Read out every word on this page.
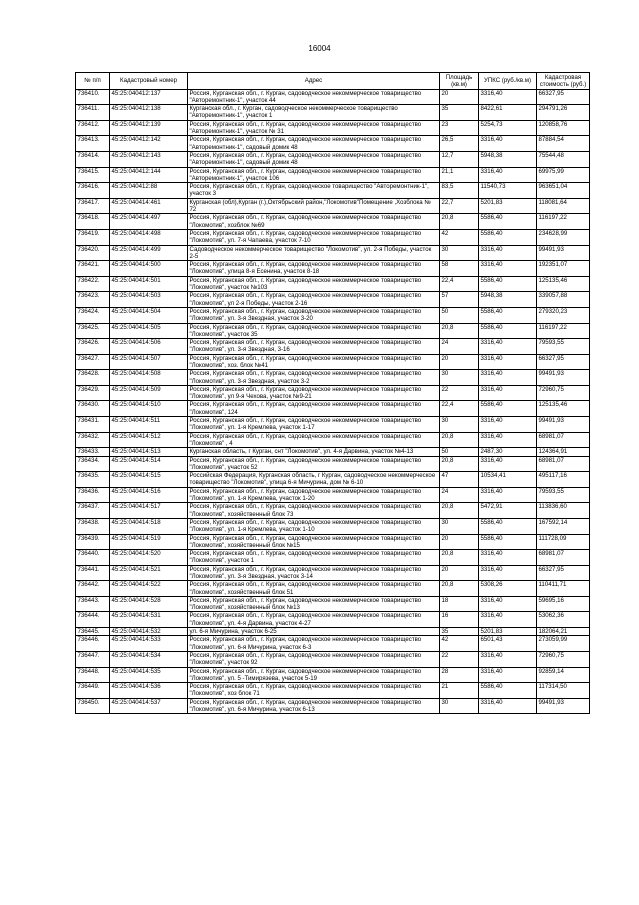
16004
№ п/п	Кадастровый номер	Адрес	Площадь (кв.м)	УПКС (руб./кв.м)	Кадастровая стоимость (руб.)
736410.	45:25:040412:137	Россия, Курганская обл., г. Курган, садоводческое некоммерческое товарищество "Авторемонтник-1", участок 44	20	3316,40	66327,95
736411.	45:25:040412:138	Курганская обл., г. Курган, садоводческое некоммерческое товарищество "Авторемонтник-1", участок 1	35	8422,61	294791,26
736412.	45:25:040412:139	Россия, Курганская обл., г. Курган, садоводческое некоммерческое товарищество "Авторемонтник-1", участок № 31	23	5254,73	120858,76
736413.	45:25:040412:142	Россия, Курганская обл., г. Курган, садоводческое некоммерческое товарищество "Авторемонтник-1", садовый домик 48	26,5	3316,40	87884,54
736414.	45:25:040412:143	Россия, Курганская обл., г. Курган, садоводческое некоммерческое товарищество "Авторемонтник-1", садовый домик 48	12,7	5948,38	75544,48
736415.	45:25:040412:144	Россия, Курганская обл., г. Курган, садоводческое некоммерческое товарищество "Авторемонтник-1", участок 106	21,1	3316,40	69975,99
736416.	45:25:040412:88	Россия, Курганская обл., г. Курган, садоводческое товарищество "Авторемонтник-1", участок 3	83,5	11540,73	963651,04
736417.	45:25:040414:461	Курганская (обл),Курган (г.),Октябрьский район,"Локомотив"Помещение ,Хозблока № 72	22,7	5201,83	118081,64
736418.	45:25:040414:497	Россия, Курганская обл., г. Курган, садоводческое некоммерческое товарищество "Локомотив", хозблок №69	20,8	5586,40	116197,22
736419.	45:25:040414:498	Россия, Курганская обл., г. Курган, садоводческое некоммерческое товарищество "Локомотив", ул. 7-я Чапаева, участок 7-10	42	5586,40	234628,99
736420.	45:25:040414:499	Садоводческое некоммерческое товарищество "Локомотив", ул. 2-я Победы, участок 2-5	30	3316,40	99491,93
736421.	45:25:040414:500	Россия, Курганская обл., г. Курган, садоводческое некоммерческое товарищество "Локомотив", улица 8-я Есенина, участок 8-18	58	3316,40	192351,07
736422.	45:25:040414:501	Россия, Курганская обл., г. Курган, садоводческое некоммерческое товарищество "Локомотив", участок №103	22,4	5586,40	125135,46
736423.	45:25:040414:503	Россия, Курганская обл., г. Курган, садоводческое некоммерческое товарищество "Локомотив", ул 2-я Победы, участок 2-16	57	5948,38	339057,88
736424.	45:25:040414:504	Россия, Курганская обл., г. Курган, садоводческое некоммерческое товарищество "Локомотив", ул. 3-я Звездная, участок 3-20	50	5586,40	279320,23
736425.	45:25:040414:505	Россия, Курганская обл., г. Курган, садоводческое некоммерческое товарищество "Локомотив", участок 35	20,8	5586,40	116197,22
736426.	45:25:040414:506	Россия, Курганская обл., г. Курган, садоводческое некоммерческое товарищество "Локомотив", ул. 3-я Звездная, 3-16	24	3316,40	79593,55
736427.	45:25:040414:507	Россия, Курганская обл., г. Курган, садоводческое некоммерческое товарищество "Локомотив", хоз. блок №41	20	3316,40	66327,95
736428.	45:25:040414:508	Россия, Курганская обл., г. Курган, садоводческое некоммерческое товарищество "Локомотив", ул. 3-я Звездная, участок 3-2	30	3316,40	99491,93
736429.	45:25:040414:509	Россия, Курганская обл., г. Курган, садоводческое некоммерческое товарищество "Локомотив", ул 9-я Чехова, участок №9-21	22	3316,40	72960,75
736430.	45:25:040414:510	Россия, Курганская обл., г. Курган, садоводческое некоммерческое товарищество "Локомотив", 124	22,4	5586,40	125135,46
736431.	45:25:040414:511	Россия, Курганская обл., г. Курган, садоводческое некоммерческое товарищество "Локомотив", ул. 1-я Кремлева, участок 1-17	30	3316,40	99491,93
736432.	45:25:040414:512	Россия, Курганская обл., г. Курган, садоводческое некоммерческое товарищество "Локомотив" , 4	20,8	3316,40	68981,07
736433.	45:25:040414:513	Курганская область, г Курган, снт "Локомотив", ул. 4-я Дарвина, участок №4-13	50	2487,30	124364,91
736434.	45:25:040414:514	Россия, Курганская обл., г. Курган, садоводческое некоммерческое товарищество "Локомотив", участок 52	20,8	3316,40	68981,07
736435.	45:25:040414:515	Российская Федерация, Курганская область, г Курган, садоводческое некоммерческое товарищество "Локомотив", улица 6-я Мичурина, дом № 6-10	47	10534,41	495117,16
736436.	45:25:040414:516	Россия, Курганская обл., г. Курган, садоводческое некоммерческое товарищество "Локомотив", ул. 1-я Кремлева, участок 1-20	24	3316,40	79593,55
736437.	45:25:040414:517	Россия, Курганская обл., г. Курган, садоводческое некоммерческое товарищество "Локомотив", хозяйственный блок 73	20,8	5472,91	113836,60
736438.	45:25:040414:518	Россия, Курганская обл., г. Курган, садоводческое некоммерческое товарищество "Локомотив", ул. 1-я Кремлева, участок 1-10	30	5586,40	167592,14
736439.	45:25:040414:519	Россия, Курганская обл., г. Курган, садоводческое некоммерческое товарищество "Локомотив", хозяйственный блок №15	20	5586,40	111728,09
736440.	45:25:040414:520	Россия, Курганская обл., г. Курган, садоводческое некоммерческое товарищество "Локомотив", участок 1	20,8	3316,40	68981,07
736441.	45:25:040414:521	Россия, Курганская обл., г. Курган, садоводческое некоммерческое товарищество "Локомотив", ул. 3-я Звездная, участок 3-14	20	3316,40	66327,95
736442.	45:25:040414:522	Россия, Курганская обл., г. Курган, садоводческое некоммерческое товарищество "Локомотив", хозяйственный блок 51	20,8	5308,26	110411,71
736443.	45:25:040414:528	Россия, Курганская обл., г. Курган, садоводческое некоммерческое товарищество "Локомотив", хозяйственный блок №13	18	3316,40	59695,16
736444.	45:25:040414:531	Россия, Курганская обл., г. Курган, садоводческое некоммерческое товарищество "Локомотив", ул. 4-я Дарвина, участок 4-27	16	3316,40	53062,36
736445.	45:25:040414:532	ул. 6-я Мичурина, участок 6-25	35	5201,83	182064,21
736446.	45:25:040414:533	Россия, Курганская обл., г. Курган, садоводческое некоммерческое товарищество "Локомотив", ул. 6-я Мичурина, участок 6-3	42	6501,43	273059,99
736447.	45:25:040414:534	Россия, Курганская обл., г. Курган, садоводческое некоммерческое товарищество "Локомотив", участок 92	22	3316,40	72960,75
736448.	45:25:040414:535	Россия, Курганская обл., г. Курган, садоводческое некоммерческое товарищество "Локомотив", ул. 5 -Тимирязева, участок 5-19	28	3316,40	92859,14
736449.	45:25:040414:536	Россия, Курганская обл., г. Курган, садоводческое некоммерческое товарищество "Локомотив", хоз блок 71	21	5586,40	117314,50
736450.	45:25:040414:537	Россия, Курганская обл., г. Курган, садоводческое некоммерческое товарищество "Локомотив", ул. 6-я Мичурина, участок 6-13	30	3316,40	99491,93
